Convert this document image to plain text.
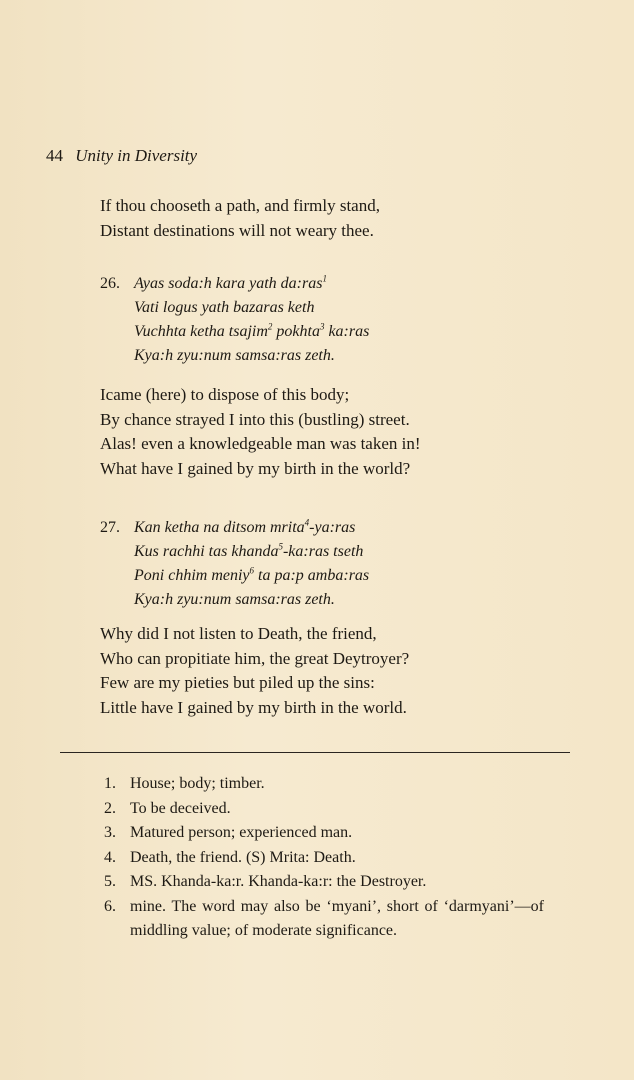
44 Unity in Diversity
If thou chooseth a path, and firmly stand,
Distant destinations will not weary thee.
26. Ayas soda:h kara yath da:ras$^1$
Vati logus yath bazaras keth
Vuchhta ketha tsajim$^2$ pokhta$^3$ ka:ras
Kya:h zyu:num samsa:ras zeth.
Icame (here) to dispose of this body;
By chance strayed I into this (bustling) street.
Alas! even a knowledgeable man was taken in!
What have I gained by my birth in the world?
27. Kan ketha na ditsom mrita$^4$-ya:ras
Kus rachhi tas khanda$^5$-ka:ras tseth
Poni chhim meniy$^6$ ta pa:p amba:ras
Kya:h zyu:num samsa:ras zeth.
Why did I not listen to Death, the friend,
Who can propitiate him, the great Deytroyer?
Few are my pieties but piled up the sins:
Little have I gained by my birth in the world.
1. House; body; timber.
2. To be deceived.
3. Matured person; experienced man.
4. Death, the friend. (S) Mrita: Death.
5. MS. Khanda-ka:r. Khanda-ka:r: the Destroyer.
6. mine. The word may also be ‘myani’, short of ‘darmyani’—of middling value; of moderate significance.
